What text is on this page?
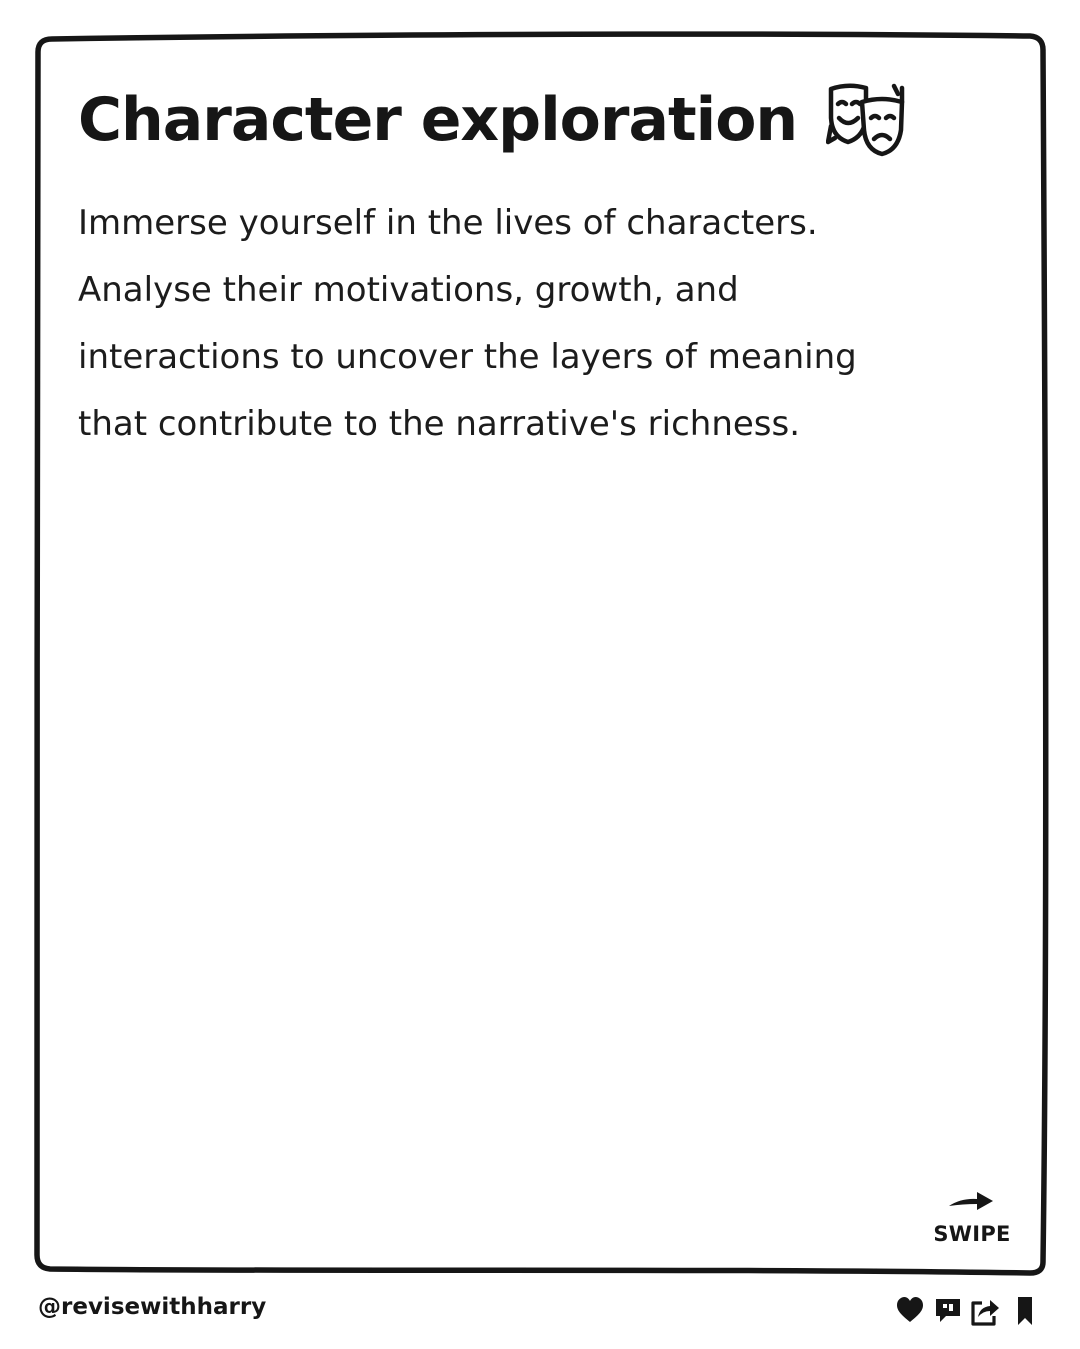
Character exploration

Immerse yourself in the lives of characters.
Analyse their motivations, growth, and
interactions to uncover the layers of meaning
that contribute to the narrative's richness.

SWIPE
@revisewithharry
